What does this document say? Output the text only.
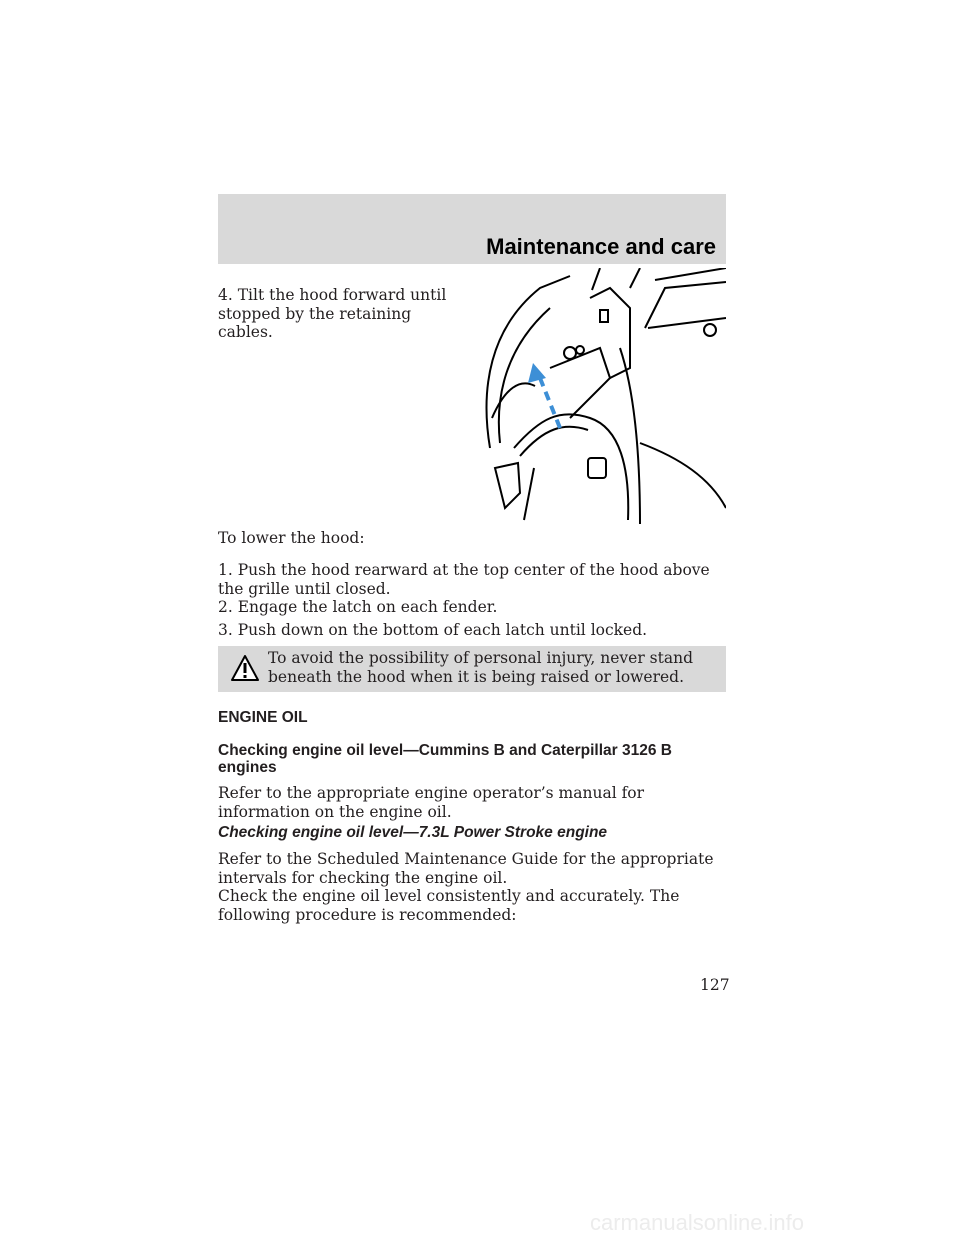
Maintenance and care

4. Tilt the hood forward until stopped by the retaining cables.

To lower the hood:

1. Push the hood rearward at the top center of the hood above the grille until closed.

2. Engage the latch on each fender.

3. Push down on the bottom of each latch until locked.

To avoid the possibility of personal injury, never stand beneath the hood when it is being raised or lowered.

ENGINE OIL

Checking engine oil level—Cummins B and Caterpillar 3126 B engines

Refer to the appropriate engine operator’s manual for information on the engine oil.

Checking engine oil level—7.3L Power Stroke engine

Refer to the Scheduled Maintenance Guide for the appropriate intervals for checking the engine oil.

Check the engine oil level consistently and accurately. The following procedure is recommended:

127
carmanualsonline.info
